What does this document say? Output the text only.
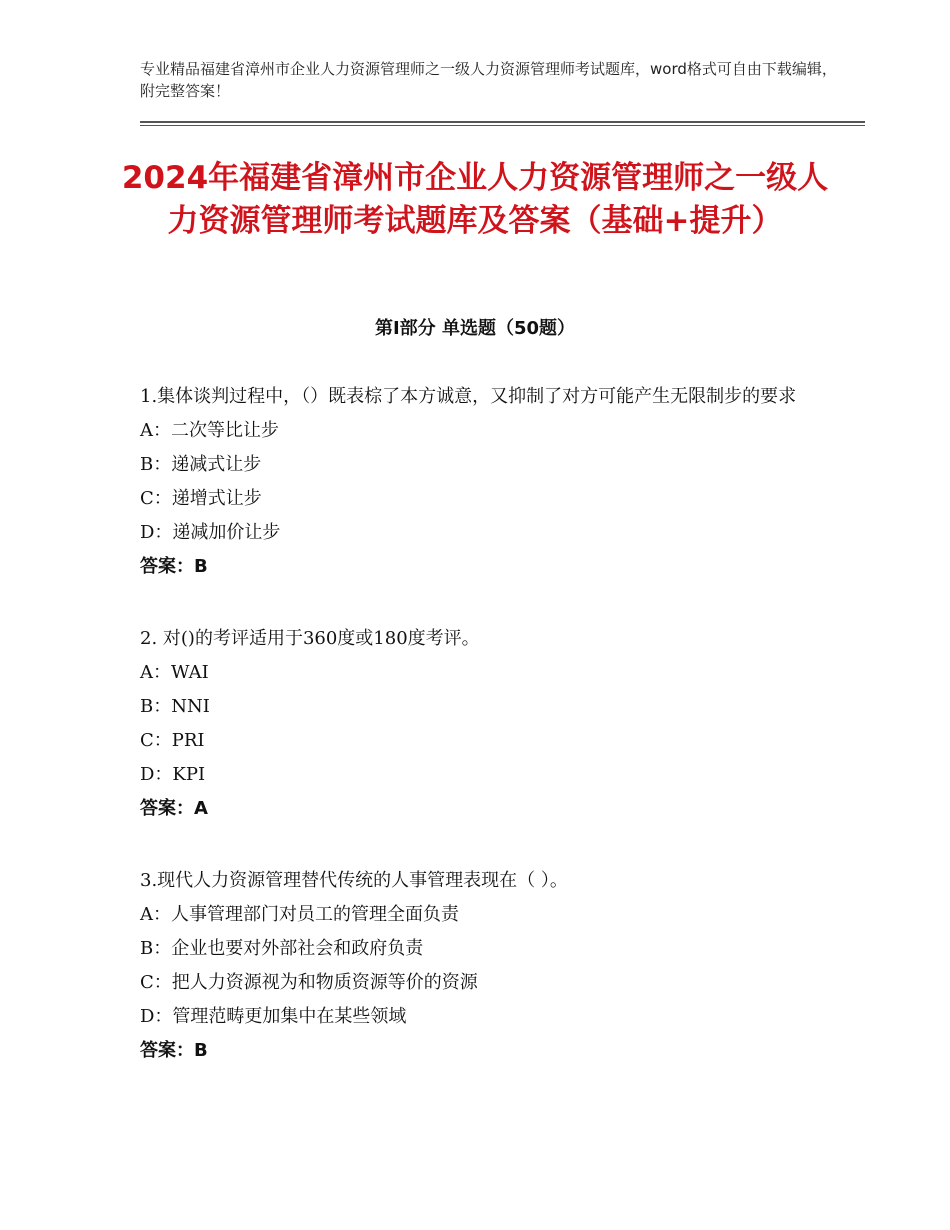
专业精品福建省漳州市企业人力资源管理师之一级人力资源管理师考试题库，word格式可自由下载编辑，附完整答案！
2024年福建省漳州市企业人力资源管理师之一级人力资源管理师考试题库及答案（基础+提升）
第Ⅰ部分 单选题（50题）

1.集体谈判过程中，（）既表棕了本方诚意，又抑制了对方可能产生无限制步的要求

A：二次等比让步

B：递减式让步

C：递增式让步

D：递减加价让步

答案：B

2. 对()的考评适用于360度或180度考评。

A：WAI

B：NNI

C：PRI

D：KPI

答案：A

3.现代人力资源管理替代传统的人事管理表现在（ ）。

A：人事管理部门对员工的管理全面负责

B：企业也要对外部社会和政府负责

C：把人力资源视为和物质资源等价的资源

D：管理范畴更加集中在某些领域

答案：B
